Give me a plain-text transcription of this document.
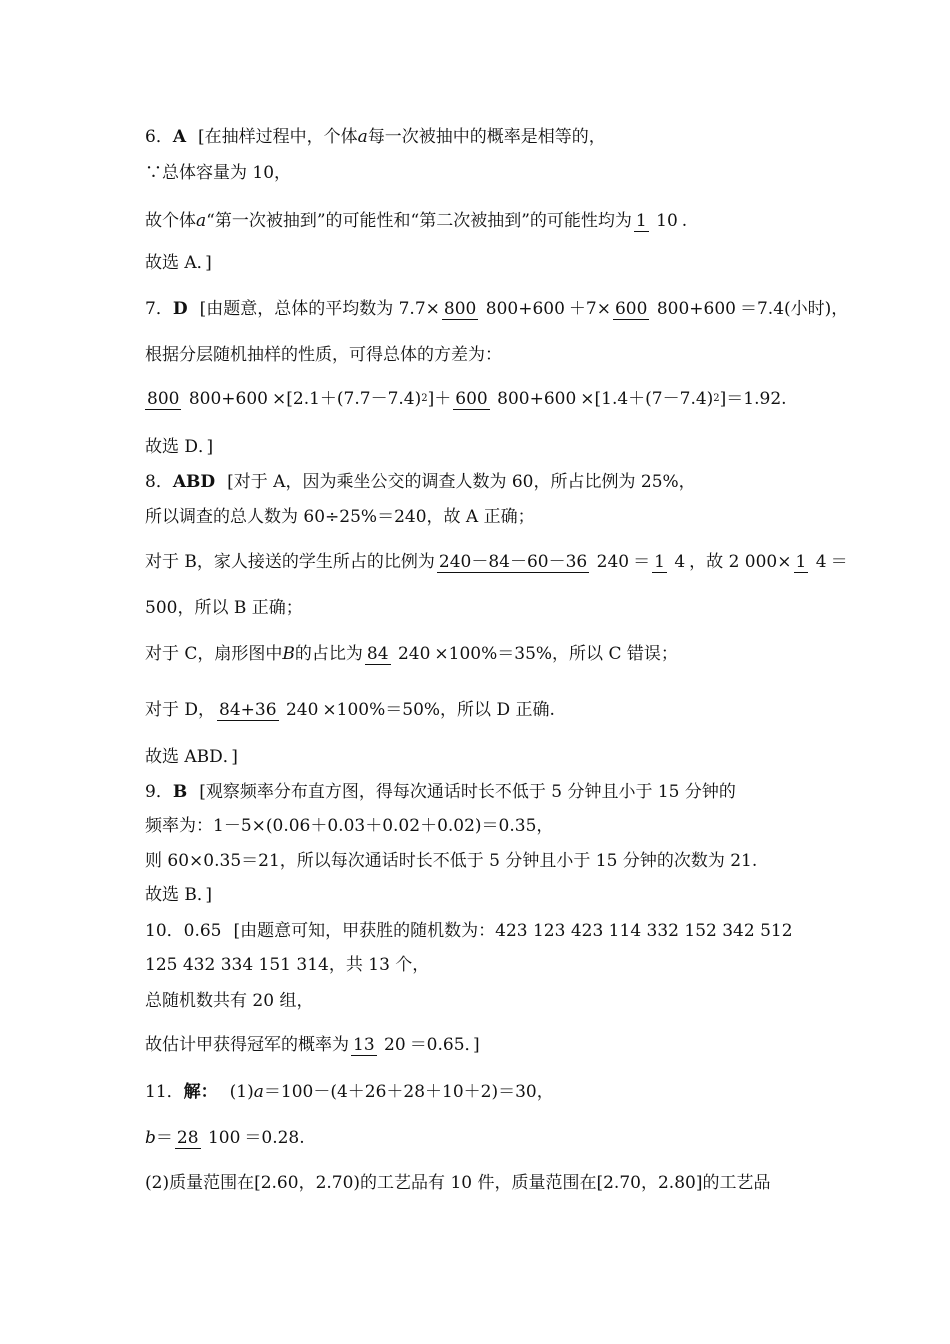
6． A [在抽样过程中，个体 a 每一次被抽中的概率是相等的，
∵总体容量为 10，
故个体 a “第一次被抽到”的可能性和“第二次被抽到”的可能性均为 1 10 .
故选 A．]
7． D [由题意，总体的平均数为 7.7× 800 800+600 ＋7× 600 800+600 ＝7.4(小时)，
根据分层随机抽样的性质，可得总体的方差为：
800 800+600 ×[2.1＋(7.7－7.4) 2 ]＋ 600 800+600 ×[1.4＋(7－7.4) 2 ]＝1.92.
故选 D．]
8． ABD [对于 A，因为乘坐公交的调查人数为 60，所占比例为 25%，
所以调查的总人数为 60÷25%＝240，故 A 正确；
对于 B，家人接送的学生所占的比例为 240－84－60－36 240 ＝ 1 4 ，故 2 000× 1 4 ＝
500，所以 B 正确；
对于 C，扇形图中 B 的占比为 84 240 ×100%＝35%，所以 C 错误；
对于 D， 84+36 240 ×100%＝50%，所以 D 正确.
故选 ABD．]
9． B [观察频率分布直方图，得每次通话时长不低于 5 分钟且小于 15 分钟的
频率为：1－5×(0.06＋0.03＋0.02＋0.02)＝0.35，
则 60×0.35＝21，所以每次通话时长不低于 5 分钟且小于 15 分钟的次数为 21.
故选 B．]
10． 0.65 [由题意可知，甲获胜的随机数为：423 123 423 114 332 152 342 512
125 432 334 151 314，共 13 个，
总随机数共有 20 组，
故估计甲获得冠军的概率为 13 20 ＝0.65．]
11． 解： (1) a ＝100－(4＋26＋28＋10＋2)＝30，
b ＝ 28 100 ＝0.28.
(2)质量范围在[2.60，2.70)的工艺品有 10 件，质量范围在[2.70，2.80]的工艺品
